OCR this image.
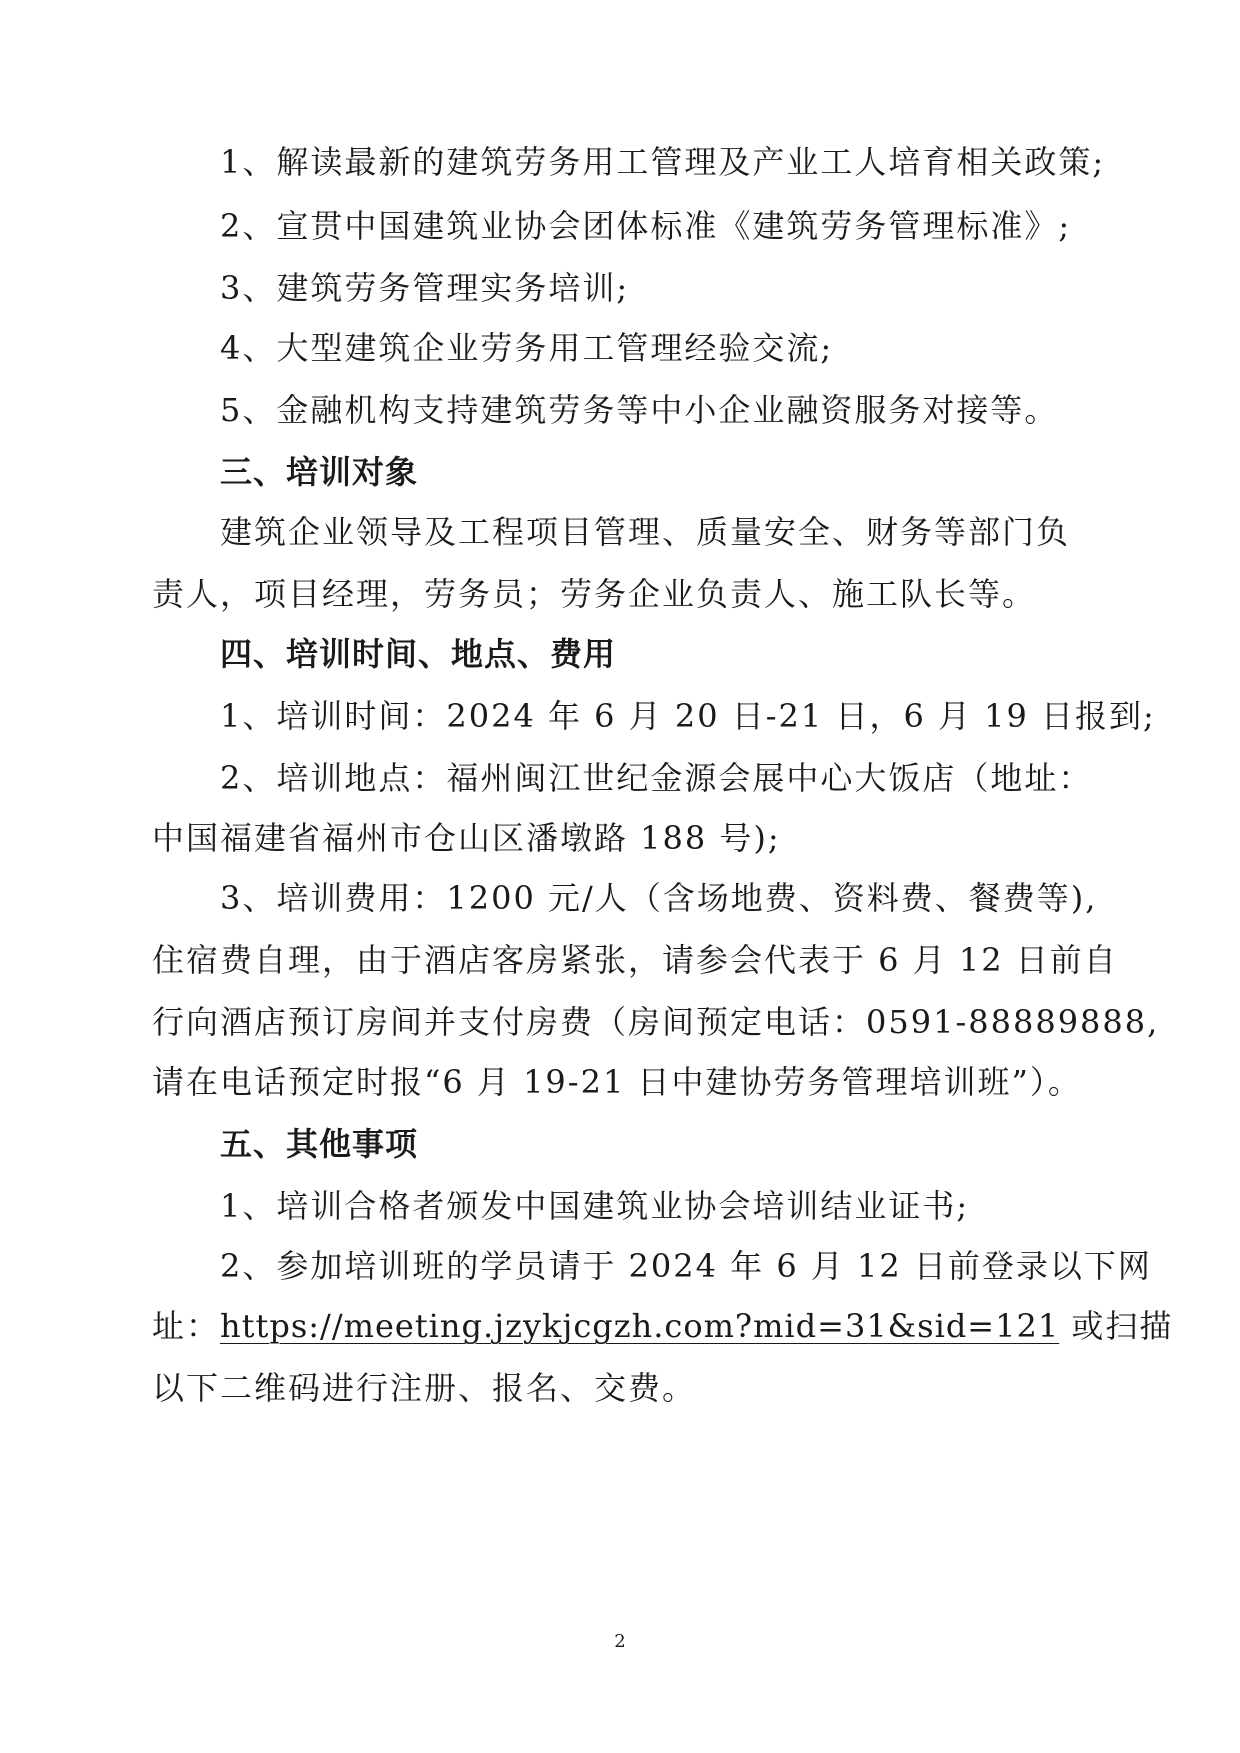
1、解读最新的建筑劳务用工管理及产业工人培育相关政策;
2、宣贯中国建筑业协会团体标准《建筑劳务管理标准》;
3、建筑劳务管理实务培训;
4、大型建筑企业劳务用工管理经验交流;
5、金融机构支持建筑劳务等中小企业融资服务对接等。
三、培训对象
建筑企业领导及工程项目管理、质量安全、财务等部门负
责人，项目经理，劳务员；劳务企业负责人、施工队长等。
四、培训时间、地点、费用
1、培训时间：2024 年 6 月 20 日-21 日，6 月 19 日报到;
2、培训地点：福州闽江世纪金源会展中心大饭店（地址：
中国福建省福州市仓山区潘墩路 188 号);
3、培训费用：1200 元/人（含场地费、资料费、餐费等),
住宿费自理，由于酒店客房紧张，请参会代表于 6 月 12 日前自
行向酒店预订房间并支付房费（房间预定电话：0591-88889888,
请在电话预定时报“6 月 19-21 日中建协劳务管理培训班”）。
五、其他事项
1、培训合格者颁发中国建筑业协会培训结业证书;
2、参加培训班的学员请于 2024 年 6 月 12 日前登录以下网
址：https://meeting.jzykjcgzh.com?mid=31&sid=121 或扫描
以下二维码进行注册、报名、交费。
2
